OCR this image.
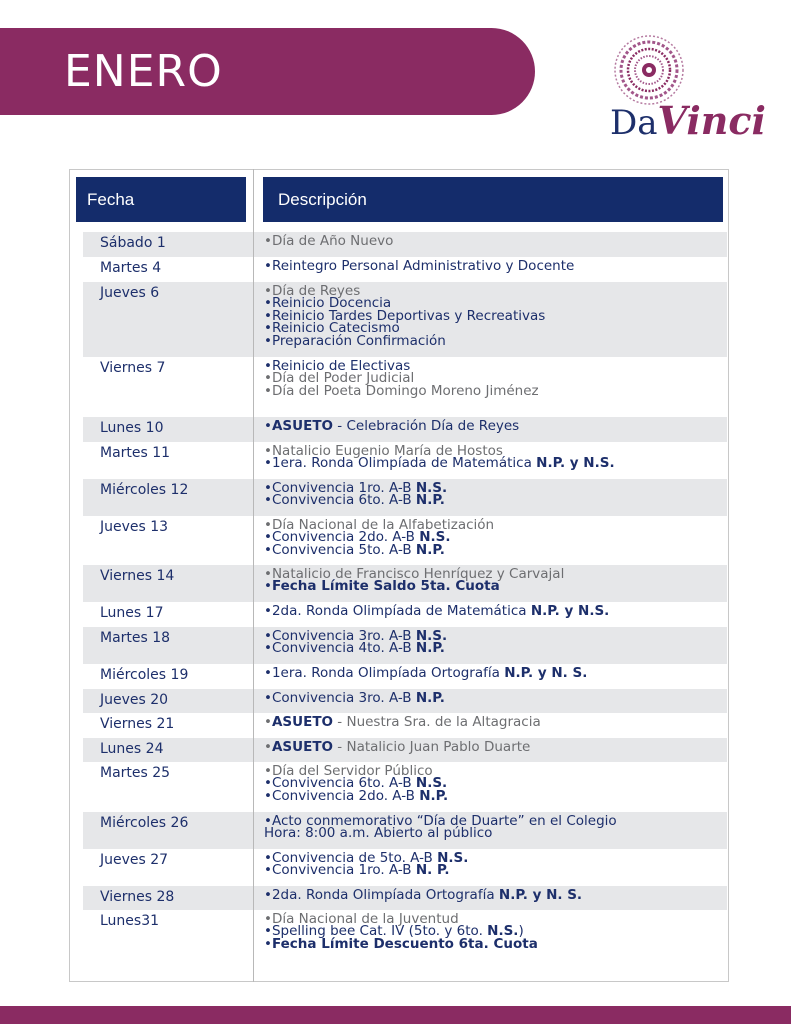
ENERO
DaVinci
Fecha	Descripción
Sábado 1	•Día de Año Nuevo
Martes 4	•Reintegro Personal Administrativo y Docente
Jueves 6	•Día de Reyes
•Reinicio Docencia
•Reinicio Tardes Deportivas y Recreativas
•Reinicio Catecismo
•Preparación Confirmación
Viernes 7	•Reinicio de Electivas
•Día del Poder Judicial
•Día del Poeta Domingo Moreno Jiménez
Lunes 10	•ASUETO - Celebración Día de Reyes
Martes 11	•Natalicio Eugenio María de Hostos
•1era. Ronda Olimpíada de Matemática N.P. y N.S.
Miércoles 12	•Convivencia 1ro. A-B N.S.
•Convivencia 6to. A-B N.P.
Jueves 13	•Día Nacional de la Alfabetización
•Convivencia 2do. A-B N.S.
•Convivencia 5to. A-B N.P.
Viernes 14	•Natalicio de Francisco Henríquez y Carvajal
•Fecha Límite Saldo 5ta. Cuota
Lunes 17	•2da. Ronda Olimpíada de Matemática N.P. y N.S.
Martes 18	•Convivencia 3ro. A-B N.S.
•Convivencia 4to. A-B N.P.
Miércoles 19	•1era. Ronda Olimpíada Ortografía N.P. y N. S.
Jueves 20	•Convivencia 3ro. A-B N.P.
Viernes 21	•ASUETO - Nuestra Sra. de la Altagracia
Lunes 24	•ASUETO - Natalicio Juan Pablo Duarte
Martes 25	•Día del Servidor Público
•Convivencia 6to. A-B N.S.
•Convivencia 2do. A-B N.P.
Miércoles 26	•Acto conmemorativo “Día de Duarte” en el Colegio
Hora: 8:00 a.m. Abierto al público
Jueves 27	•Convivencia de 5to. A-B N.S.
•Convivencia 1ro. A-B N. P.
Viernes 28	•2da. Ronda Olimpíada Ortografía N.P. y N. S.
Lunes31	•Día Nacional de la Juventud
•Spelling bee Cat. IV (5to. y 6to. N.S.)
•Fecha Límite Descuento 6ta. Cuota
